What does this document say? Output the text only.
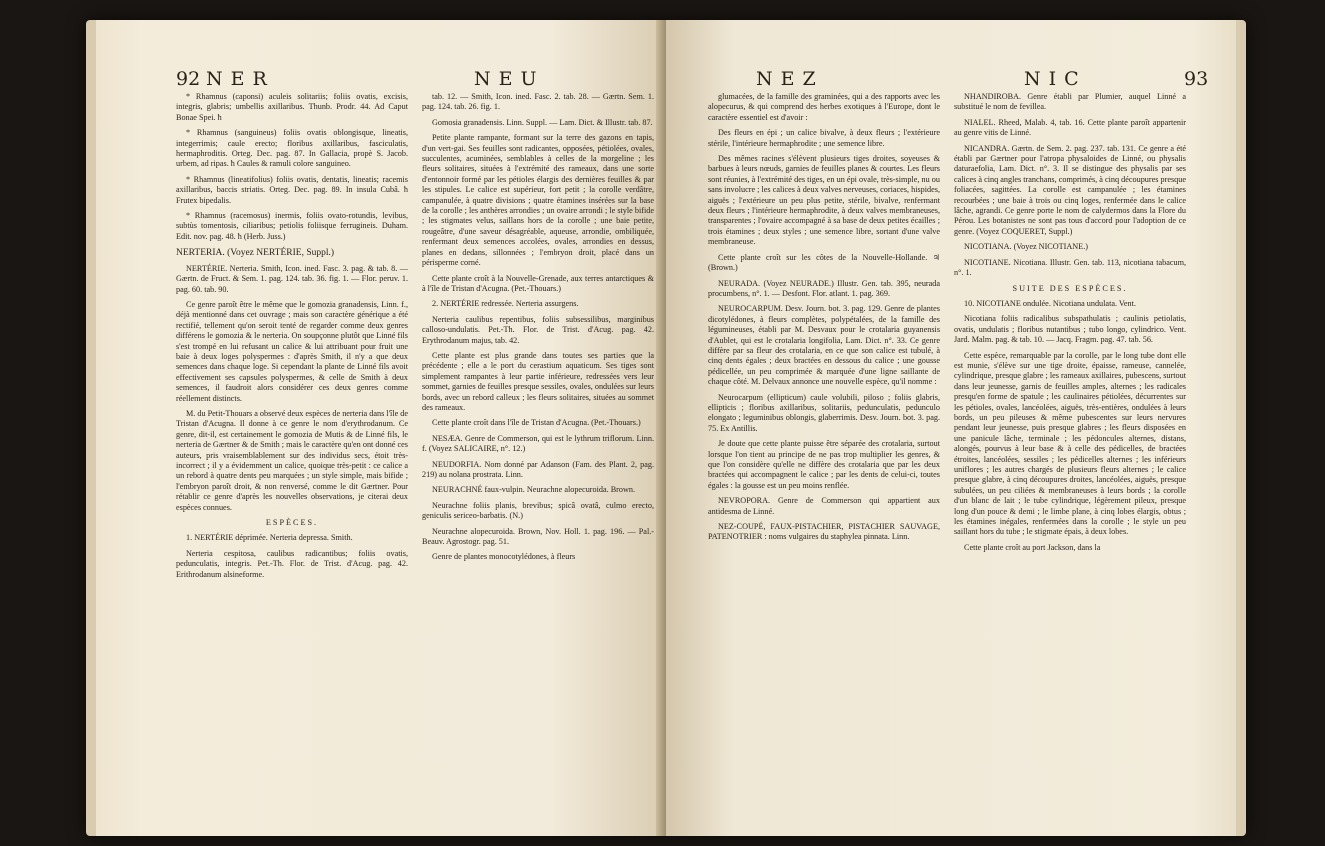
92 NER	NEU

* Rhamnus (caponsi) aculeis solitariis; foliis ovatis, excisis, integris, glabris; umbellis axillaribus. Thunb. Prodr. 44. Ad Caput Bonae Spei. ħ

* Rhamnus (sanguineus) foliis ovatis oblongisque, lineatis, integerrimis; caule erecto; floribus axillaribus, fasciculatis, hermaphroditis. Orteg. Dec. pag. 87. In Gallacia, propè S. Jacob. urbem, ad ripas. ħ Caules & ramuli colore sanguineo.

* Rhamnus (lineatifolius) foliis ovatis, dentatis, lineatis; racemis axillaribus, baccis striatis. Orteg. Dec. pag. 89. In insula Cubâ. ħ Frutex bipedalis.

* Rhamnus (racemosus) inermis, foliis ovato-rotundis, levibus, subtùs tomentosis, ciliaribus; petiolis foliisque ferrugineis. Duham. Edit. nov. pag. 48. ħ (Herb. Juss.)

NERTERIA. (Voyez NERTÉRIE, Suppl.)

NERTÉRIE. Nerteria. Smith, Icon. ined. Fasc. 3. pag. & tab. 8. — Gærtn. de Fruct. & Sem. 1. pag. 124. tab. 36. fig. 1. — Flor. peruv. 1. pag. 60. tab. 90.

Ce genre paroît être le même que le gomozia granadensis, Linn. f., déjà mentionné dans cet ouvrage ; mais son caractère générique a été rectifié, tellement qu'on seroit tenté de regarder comme deux genres différens le gomozia & le nerteria. On soupçonne plutôt que Linné fils s'est trompé en lui refusant un calice & lui attribuant pour fruit une baie à deux loges polyspermes : d'après Smith, il n'y a que deux semences dans chaque loge. Si cependant la plante de Linné fils avoit effectivement ses capsules polyspermes, & celle de Smith à deux semences, il faudroit alors considérer ces deux genres comme réellement distincts.

M. du Petit-Thouars a observé deux espèces de nerteria dans l'île de Tristan d'Acugna. Il donne à ce genre le nom d'erythrodanum. Ce genre, dit-il, est certainement le gomozia de Mutis & de Linné fils, le nerteria de Gærtner & de Smith ; mais le caractère qu'en ont donné ces auteurs, pris vraisemblablement sur des individus secs, étoit très-incorrect ; il y a évidemment un calice, quoique très-petit : ce calice a un rebord à quatre dents peu marquées ; un style simple, mais bifide ; l'embryon paroît droit, & non renversé, comme le dit Gærtner. Pour rétablir ce genre d'après les nouvelles observations, je citerai deux espèces connues.

ESPÈCES.

1. NERTÉRIE déprimée. Nerteria depressa. Smith.

Nerteria cespitosa, caulibus radicantibus; foliis ovatis, pedunculatis, integris. Pet.-Th. Flor. de Trist. d'Acug. pag. 42. Erithrodanum alsineforme.

tab. 12. — Smith, Icon. ined. Fasc. 2. tab. 28. — Gærtn. Sem. 1. pag. 124. tab. 26. fig. 1.

Gomosia granadensis. Linn. Suppl. — Lam. Dict. & Illustr. tab. 87.

Petite plante rampante, formant sur la terre des gazons en tapis, d'un vert-gai. Ses feuilles sont radicantes, opposées, pétiolées, ovales, succulentes, acuminées, semblables à celles de la morgeline ; les fleurs solitaires, situées à l'extrémité des rameaux, dans une sorte d'entonnoir formé par les pétioles élargis des dernières feuilles & par les stipules. Le calice est supérieur, fort petit ; la corolle verdâtre, campanulée, à quatre divisions ; quatre étamines insérées sur la base de la corolle ; les anthères arrondies ; un ovaire arrondi ; le style bifide ; les stigmates velus, saillans hors de la corolle ; une baie petite, rougeâtre, d'une saveur désagréable, aqueuse, arrondie, ombiliquée, renfermant deux semences accolées, ovales, arrondies en dessus, planes en dedans, sillonnées ; l'embryon droit, placé dans un périsperme corné.

Cette plante croît à la Nouvelle-Grenade, aux terres antarctiques & à l'île de Tristan d'Acugna. (Pet.-Thouars.)

2. NERTÉRIE redressée. Nerteria assurgens.

Nerteria caulibus repentibus, foliis subsessilibus, marginibus calloso-undulatis. Pet.-Th. Flor. de Trist. d'Acug. pag. 42. Erythrodanum majus, tab. 42.

Cette plante est plus grande dans toutes ses parties que la précédente ; elle a le port du cerastium aquaticum. Ses tiges sont simplement rampantes à leur partie inférieure, redressées vers leur sommet, garnies de feuilles presque sessiles, ovales, ondulées sur leurs bords, avec un rebord calleux ; les fleurs solitaires, situées au sommet des rameaux.

Cette plante croît dans l'île de Tristan d'Acugna. (Pet.-Thouars.)

NESÆA. Genre de Commerson, qui est le lythrum triflorum. Linn. f. (Voyez SALICAIRE, n°. 12.)

NEUDORFIA. Nom donné par Adanson (Fam. des Plant. 2, pag. 219) au nolana prostrata. Linn.

NEURACHNÉ faux-vulpin. Neurachne alopecuroida. Brown.

Neurachne foliis planis, brevibus; spicâ ovatâ, culmo erecto, geniculis sericeo-barbatis. (N.)

Neurachne alopecuroida. Brown, Nov. Holl. 1. pag. 196. — Pal.-Beauv. Agrostogr. pag. 51.

Genre de plantes monocotylédones, à fleurs

NEZ	NIC	93

glumacées, de la famille des graminées, qui a des rapports avec les alopecurus, & qui comprend des herbes exotiques à l'Europe, dont le caractère essentiel est d'avoir :

Des fleurs en épi ; un calice bivalve, à deux fleurs ; l'extérieure stérile, l'intérieure hermaphrodite ; une semence libre.

Des mêmes racines s'élèvent plusieurs tiges droites, soyeuses & barbues à leurs nœuds, garnies de feuilles planes & courtes. Les fleurs sont réunies, à l'extrémité des tiges, en un épi ovale, très-simple, nu ou sans involucre ; les calices à deux valves nerveuses, coriaces, hispides, aiguës ; l'extérieure un peu plus petite, stérile, bivalve, renfermant deux fleurs ; l'intérieure hermaphrodite, à deux valves membraneuses, transparentes ; l'ovaire accompagné à sa base de deux petites écailles ; trois étamines ; deux styles ; une semence libre, sortant d'une valve membraneuse.

Cette plante croît sur les côtes de la Nouvelle-Hollande. ♃ (Brown.)

NEURADA. (Voyez NEURADE.) Illustr. Gen. tab. 395, neurada procumbens, n°. 1. — Desfont. Flor. atlant. 1. pag. 369.

NEUROCARPUM. Desv. Journ. bot. 3. pag. 129. Genre de plantes dicotylédones, à fleurs complètes, polypétalées, de la famille des légumineuses, établi par M. Desvaux pour le crotalaria guyanensis d'Aublet, qui est le crotalaria longifolia, Lam. Dict. n°. 33. Ce genre diffère par sa fleur des crotalaria, en ce que son calice est tubulé, à cinq dents égales ; deux bractées en dessous du calice ; une gousse pédicellée, un peu comprimée & marquée d'une ligne saillante de chaque côté. M. Delvaux annonce une nouvelle espèce, qu'il nomme :

Neurocarpum (ellipticum) caule volubili, piloso ; foliis glabris, ellipticis ; floribus axillaribus, solitariis, pedunculatis, pedunculo elongato ; leguminibus oblongis, glaberrimis. Desv. Journ. bot. 3. pag. 75. Ex Antillis.

Je doute que cette plante puisse être séparée des crotalaria, surtout lorsque l'on tient au principe de ne pas trop multiplier les genres, & que l'on considère qu'elle ne diffère des crotalaria que par les deux bractées qui accompagnent le calice ; par les dents de celui-ci, toutes égales : la gousse est un peu moins renflée.

NEVROPORA. Genre de Commerson qui appartient aux antidesma de Linné.

NEZ-COUPÉ, FAUX-PISTACHIER, PISTACHIER SAUVAGE, PATENOTRIER : noms vulgaires du staphylea pinnata. Linn.

NHANDIROBA. Genre établi par Plumier, auquel Linné a substitué le nom de fevillea.

NIALEL. Rheed, Malab. 4, tab. 16. Cette plante paroît appartenir au genre vitis de Linné.

NICANDRA. Gærtn. de Sem. 2. pag. 237. tab. 131. Ce genre a été établi par Gærtner pour l'atropa physaloides de Linné, ou physalis daturaefolia, Lam. Dict. n°. 3. Il se distingue des physalis par ses calices à cinq angles tranchans, comprimés, à cinq découpures presque foliacées, sagittées. La corolle est campanulée ; les étamines recourbées ; une baie à trois ou cinq loges, renfermée dans le calice lâche, agrandi. Ce genre porte le nom de calydermos dans la Flore du Pérou. Les botanistes ne sont pas tous d'accord pour l'adoption de ce genre. (Voyez COQUERET, Suppl.)

NICOTIANA. (Voyez NICOTIANE.)

NICOTIANE. Nicotiana. Illustr. Gen. tab. 113, nicotiana tabacum, n°. 1.

SUITE DES ESPÈCES.

10. NICOTIANE ondulée. Nicotiana undulata. Vent.

Nicotiana foliis radicalibus subspathulatis ; caulinis petiolatis, ovatis, undulatis ; floribus nutantibus ; tubo longo, cylindrico. Vent. Jard. Malm. pag. & tab. 10. — Jacq. Fragm. pag. 47. tab. 56.

Cette espèce, remarquable par la corolle, par le long tube dont elle est munie, s'élève sur une tige droite, épaisse, rameuse, cannelée, cylindrique, presque glabre ; les rameaux axillaires, pubescens, surtout dans leur jeunesse, garnis de feuilles amples, alternes ; les radicales presqu'en forme de spatule ; les caulinaires pétiolées, décurrentes sur les pétioles, ovales, lancéolées, aiguës, très-entières, ondulées à leurs bords, un peu pileuses & même pubescentes sur leurs nervures pendant leur jeunesse, puis presque glabres ; les fleurs disposées en une panicule lâche, terminale ; les pédoncules alternes, distans, alongés, pourvus à leur base & à celle des pédicelles, de bractées étroites, lancéolées, sessiles ; les pédicelles alternes ; les inférieurs uniflores ; les autres chargés de plusieurs fleurs alternes ; le calice presque glabre, à cinq découpures droites, lancéolées, aiguës, presque subulées, un peu ciliées & membraneuses à leurs bords ; la corolle d'un blanc de lait ; le tube cylindrique, légèrement pileux, presque long d'un pouce & demi ; le limbe plane, à cinq lobes élargis, obtus ; les étamines inégales, renfermées dans la corolle ; le style un peu saillant hors du tube ; le stigmate épais, à deux lobes.

Cette plante croît au port Jackson, dans la
